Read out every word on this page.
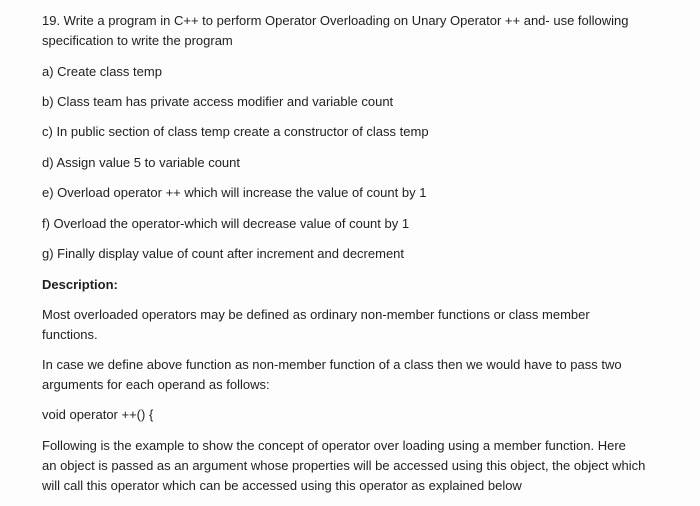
19. Write a program in C++ to perform Operator Overloading on Unary Operator ++ and- use following
specification to write the program
a) Create class temp
b) Class team has private access modifier and variable count
c) In public section of class temp create a constructor of class temp
d) Assign value 5 to variable count
e) Overload operator ++ which will increase the value of count by 1
f) Overload the operator-which will decrease value of count by 1
g) Finally display value of count after increment and decrement
Description:
Most overloaded operators may be defined as ordinary non-member functions or class member
functions.
In case we define above function as non-member function of a class then we would have to pass two
arguments for each operand as follows:
void operator ++() {
Following is the example to show the concept of operator over loading using a member function. Here
an object is passed as an argument whose properties will be accessed using this object, the object which
will call this operator which can be accessed using this operator as explained below
